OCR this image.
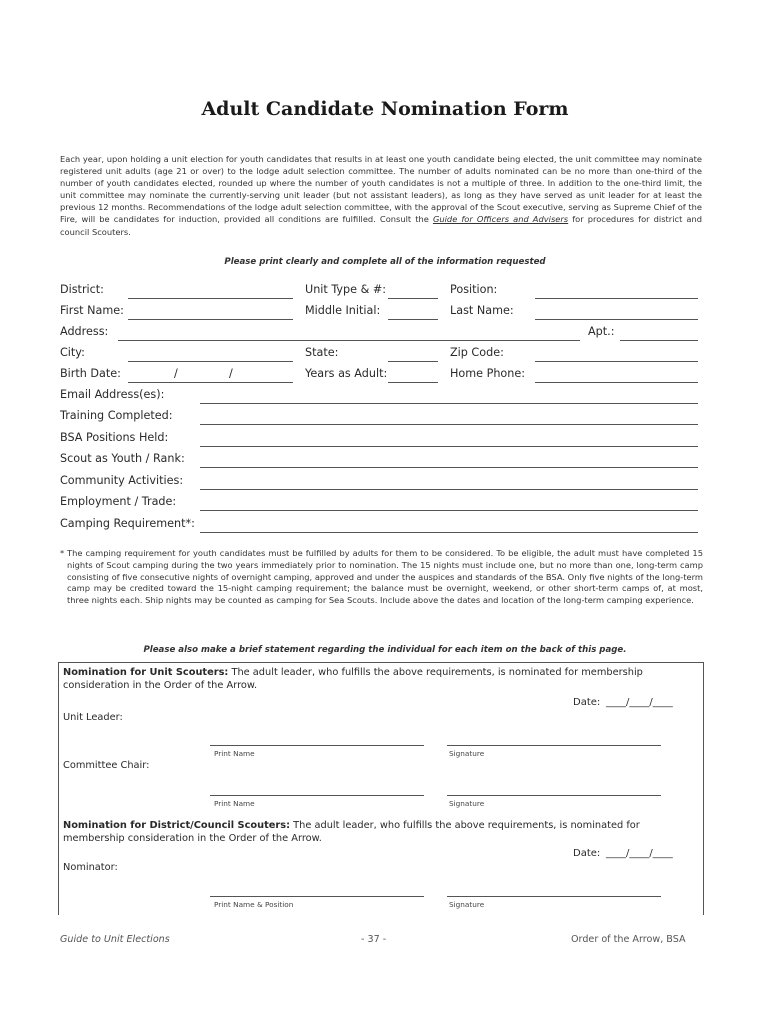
Adult Candidate Nomination Form
Each year, upon holding a unit election for youth candidates that results in at least one youth candidate being elected, the unit committee may nominate registered unit adults (age 21 or over) to the lodge adult selection committee. The number of adults nominated can be no more than one-third of the number of youth candidates elected, rounded up where the number of youth candidates is not a multiple of three. In addition to the one-third limit, the unit committee may nominate the currently-serving unit leader (but not assistant leaders), as long as they have served as unit leader for at least the previous 12 months. Recommendations of the lodge adult selection committee, with the approval of the Scout executive, serving as Supreme Chief of the Fire, will be candidates for induction, provided all conditions are fulfilled. Consult the Guide for Officers and Advisers for procedures for district and council Scouters.
Please print clearly and complete all of the information requested
District:	Unit Type & #:	Position:
First Name:	Middle Initial:	Last Name:
Address:	Apt.:
City:	State:	Zip Code:
Birth Date:	/	/	Years as Adult:	Home Phone:
Email Address(es):
Training Completed:
BSA Positions Held:
Scout as Youth / Rank:
Community Activities:
Employment / Trade:
Camping Requirement*:
* The camping requirement for youth candidates must be fulfilled by adults for them to be considered. To be eligible, the adult must have completed 15 nights of Scout camping during the two years immediately prior to nomination. The 15 nights must include one, but no more than one, long-term camp consisting of five consecutive nights of overnight camping, approved and under the auspices and standards of the BSA. Only five nights of the long-term camp may be credited toward the 15-night camping requirement; the balance must be overnight, weekend, or other short-term camps of, at most, three nights each. Ship nights may be counted as camping for Sea Scouts. Include above the dates and location of the long-term camping experience.
Please also make a brief statement regarding the individual for each item on the back of this page.
Nomination for Unit Scouters: The adult leader, who fulfills the above requirements, is nominated for membership consideration in the Order of the Arrow.
Date: ____/____/____
Unit Leader:
Print Name	Signature
Committee Chair:
Print Name	Signature
Nomination for District/Council Scouters: The adult leader, who fulfills the above requirements, is nominated for membership consideration in the Order of the Arrow.
Date: ____/____/____
Nominator:
Print Name & Position	Signature
Guide to Unit Elections	- 37 -	Order of the Arrow, BSA
